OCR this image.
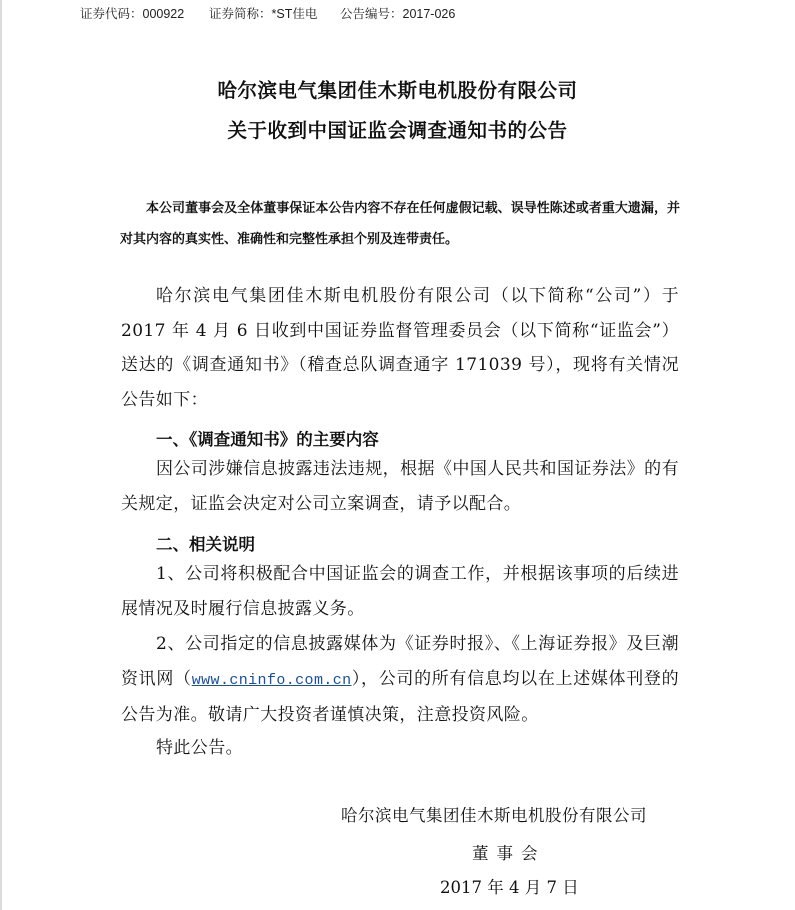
证券代码：000922 证券简称：*ST佳电 公告编号：2017-026
哈尔滨电气集团佳木斯电机股份有限公司
关于收到中国证监会调查通知书的公告
本公司董事会及全体董事保证本公告内容不存在任何虚假记载、误导性陈述或者重大遗漏，并对其内容的真实性、准确性和完整性承担个别及连带责任。
哈尔滨电气集团佳木斯电机股份有限公司（以下简称“公司”）于 2017 年 4 月 6 日收到中国证券监督管理委员会（以下简称“证监会”）送达的《调查通知书》（稽查总队调查通字 171039 号），现将有关情况公告如下：
一、《调查通知书》的主要内容
因公司涉嫌信息披露违法违规，根据《中国人民共和国证券法》的有关规定，证监会决定对公司立案调查，请予以配合。
二、相关说明
1、公司将积极配合中国证监会的调查工作，并根据该事项的后续进展情况及时履行信息披露义务。
2、公司指定的信息披露媒体为《证券时报》、《上海证券报》及巨潮资讯网（www.cninfo.com.cn），公司的所有信息均以在上述媒体刊登的公告为准。敬请广大投资者谨慎决策，注意投资风险。
特此公告。
哈尔滨电气集团佳木斯电机股份有限公司
董事会
2017 年 4 月 7 日
